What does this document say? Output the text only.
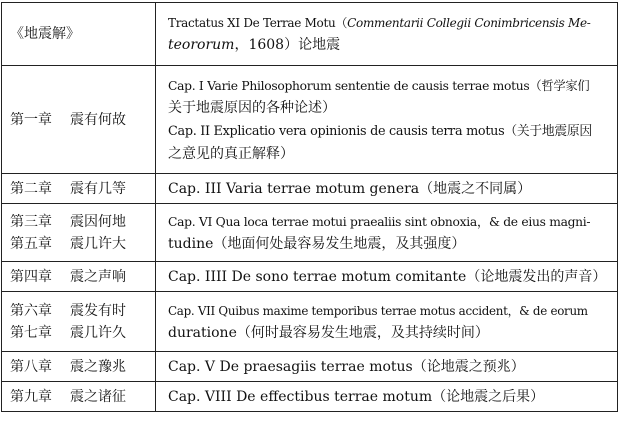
《地震解》	Tractatus XI De Terrae Motu（Commentarii Collegii Conimbricensis Me-
teororum，1608）论地震

第一章 震有何故	Cap. I Varie Philosophorum sententie de causis terrae motus（哲学家们
关于地震原因的各种论述）
Cap. II Explicatio vera opinionis de causis terra motus（关于地震原因
之意见的真正解释）

第二章 震有几等	Cap. III Varia terrae motum genera（地震之不同属）

第三章 震因何地
第五章 震几许大	Cap. VI Qua loca terrae motui praealiis sint obnoxia，& de eius magni-
tudine（地面何处最容易发生地震，及其强度）

第四章 震之声响	Cap. IIII De sono terrae motum comitante（论地震发出的声音）

第六章 震发有时
第七章 震几许久	Cap. VII Quibus maxime temporibus terrae motus accident，& de eorum
duratione（何时最容易发生地震，及其持续时间）

第八章 震之豫兆	Cap. V De praesagiis terrae motus（论地震之预兆）

第九章 震之诸征	Cap. VIII De effectibus terrae motum（论地震之后果）
